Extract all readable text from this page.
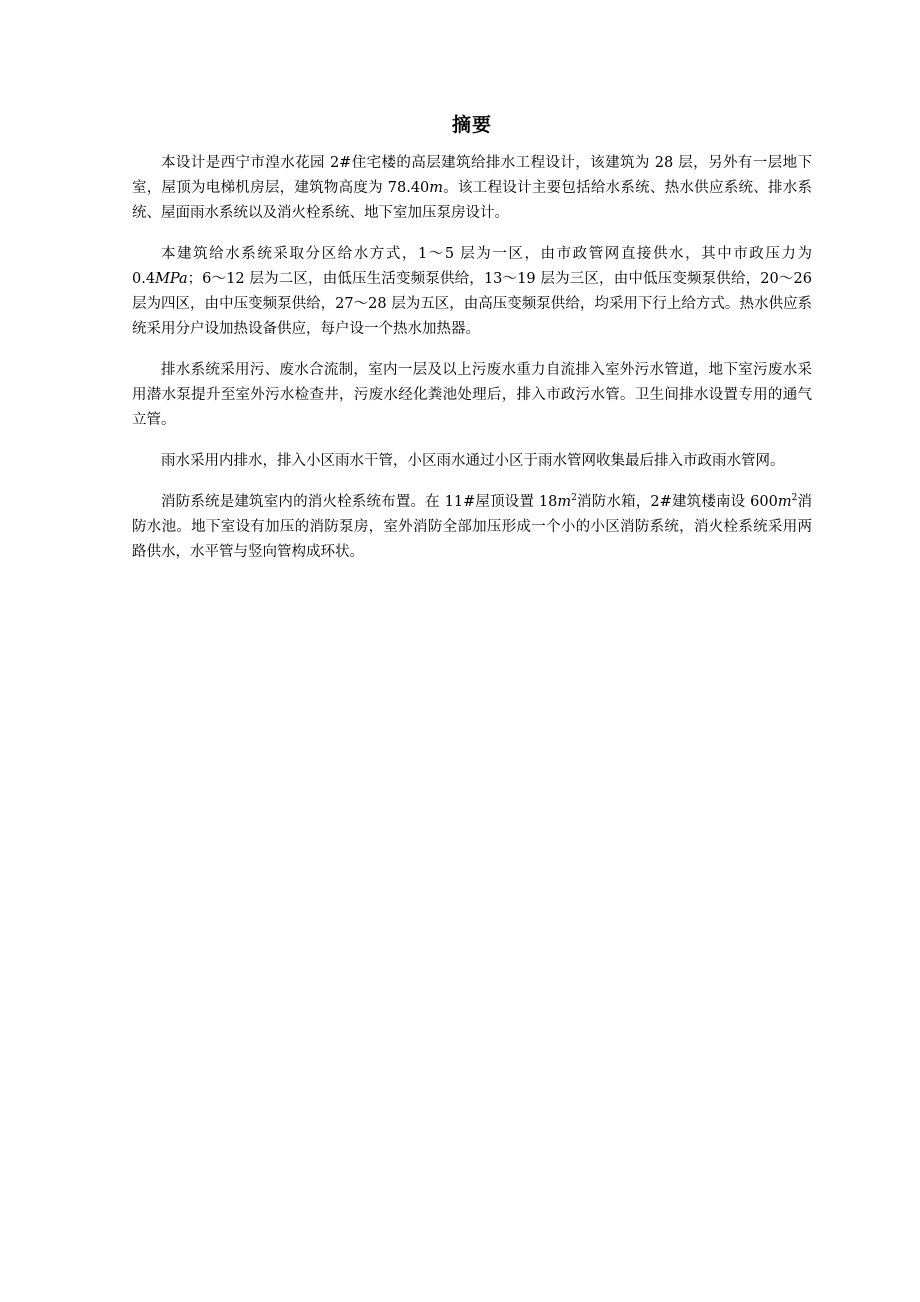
摘要

本设计是西宁市湟水花园 2#住宅楼的高层建筑给排水工程设计，该建筑为 28 层，另外有一层地下室，屋顶为电梯机房层，建筑物高度为 78.40m。该工程设计主要包括给水系统、热水供应系统、排水系统、屋面雨水系统以及消火栓系统、地下室加压泵房设计。

本建筑给水系统采取分区给水方式，1～5 层为一区，由市政管网直接供水，其中市政压力为 0.4MPa；6～12 层为二区，由低压生活变频泵供给，13～19 层为三区，由中低压变频泵供给，20～26 层为四区，由中压变频泵供给，27～28 层为五区，由高压变频泵供给，均采用下行上给方式。热水供应系统采用分户设加热设备供应，每户设一个热水加热器。

排水系统采用污、废水合流制，室内一层及以上污废水重力自流排入室外污水管道，地下室污废水采用潜水泵提升至室外污水检查井，污废水经化粪池处理后，排入市政污水管。卫生间排水设置专用的通气立管。

雨水采用内排水，排入小区雨水干管，小区雨水通过小区于雨水管网收集最后排入市政雨水管网。

消防系统是建筑室内的消火栓系统布置。在 11#屋顶设置 $18m^2$消防水箱，2#建筑楼南设 $600m^2$消防水池。地下室设有加压的消防泵房，室外消防全部加压形成一个小的小区消防系统，消火栓系统采用两路供水，水平管与竖向管构成环状。
